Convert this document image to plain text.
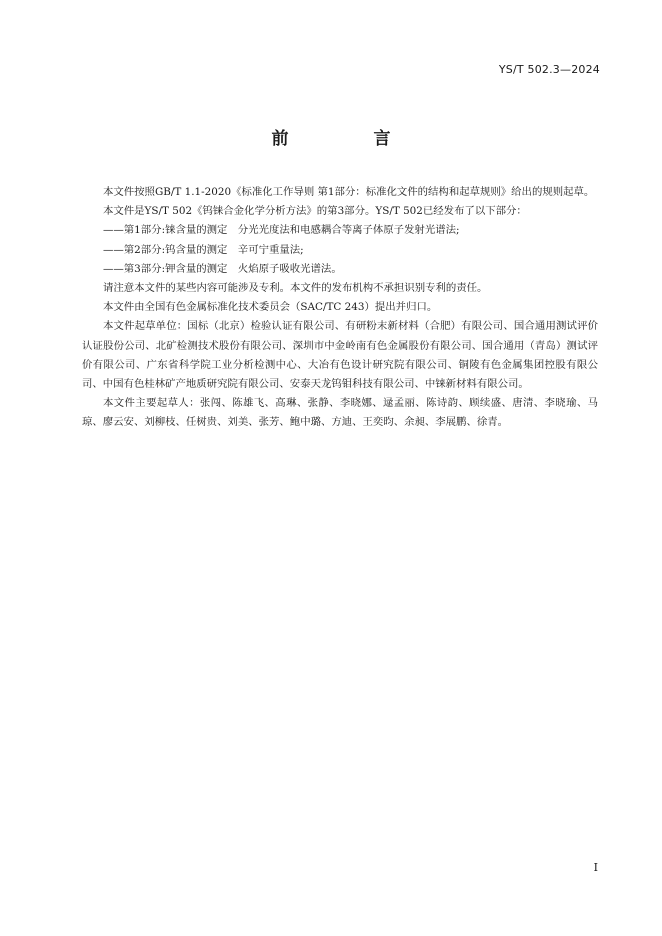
YS/T 502.3—2024
前　言

本文件按照GB/T 1.1-2020《标准化工作导则 第1部分：标准化文件的结构和起草规则》给出的规则起草。

本文件是YS/T 502《钨铼合金化学分析方法》的第3部分。YS/T 502已经发布了以下部分：

——第1部分:铼含量的测定　分光光度法和电感耦合等离子体原子发射光谱法;

——第2部分:钨含量的测定　辛可宁重量法;

——第3部分:钾含量的测定　火焰原子吸收光谱法。

请注意本文件的某些内容可能涉及专利。本文件的发布机构不承担识别专利的责任。

本文件由全国有色金属标准化技术委员会（SAC/TC 243）提出并归口。

本文件起草单位：国标（北京）检验认证有限公司、有研粉末新材料（合肥）有限公司、国合通用测试评价认证股份公司、北矿检测技术股份有限公司、深圳市中金岭南有色金属股份有限公司、国合通用（青岛）测试评价有限公司、广东省科学院工业分析检测中心、大冶有色设计研究院有限公司、铜陵有色金属集团控股有限公司、中国有色桂林矿产地质研究院有限公司、安泰天龙钨钼科技有限公司、中铼新材料有限公司。

本文件主要起草人：张闯、陈雄飞、高琳、张静、李晓娜、逯孟丽、陈诗韵、顾续盛、唐清、李晓瑜、马琼、廖云安、刘柳枝、任树贵、刘美、张芳、鲍中璐、方迪、王奕昀、余昶、李展鹏、徐青。

I
